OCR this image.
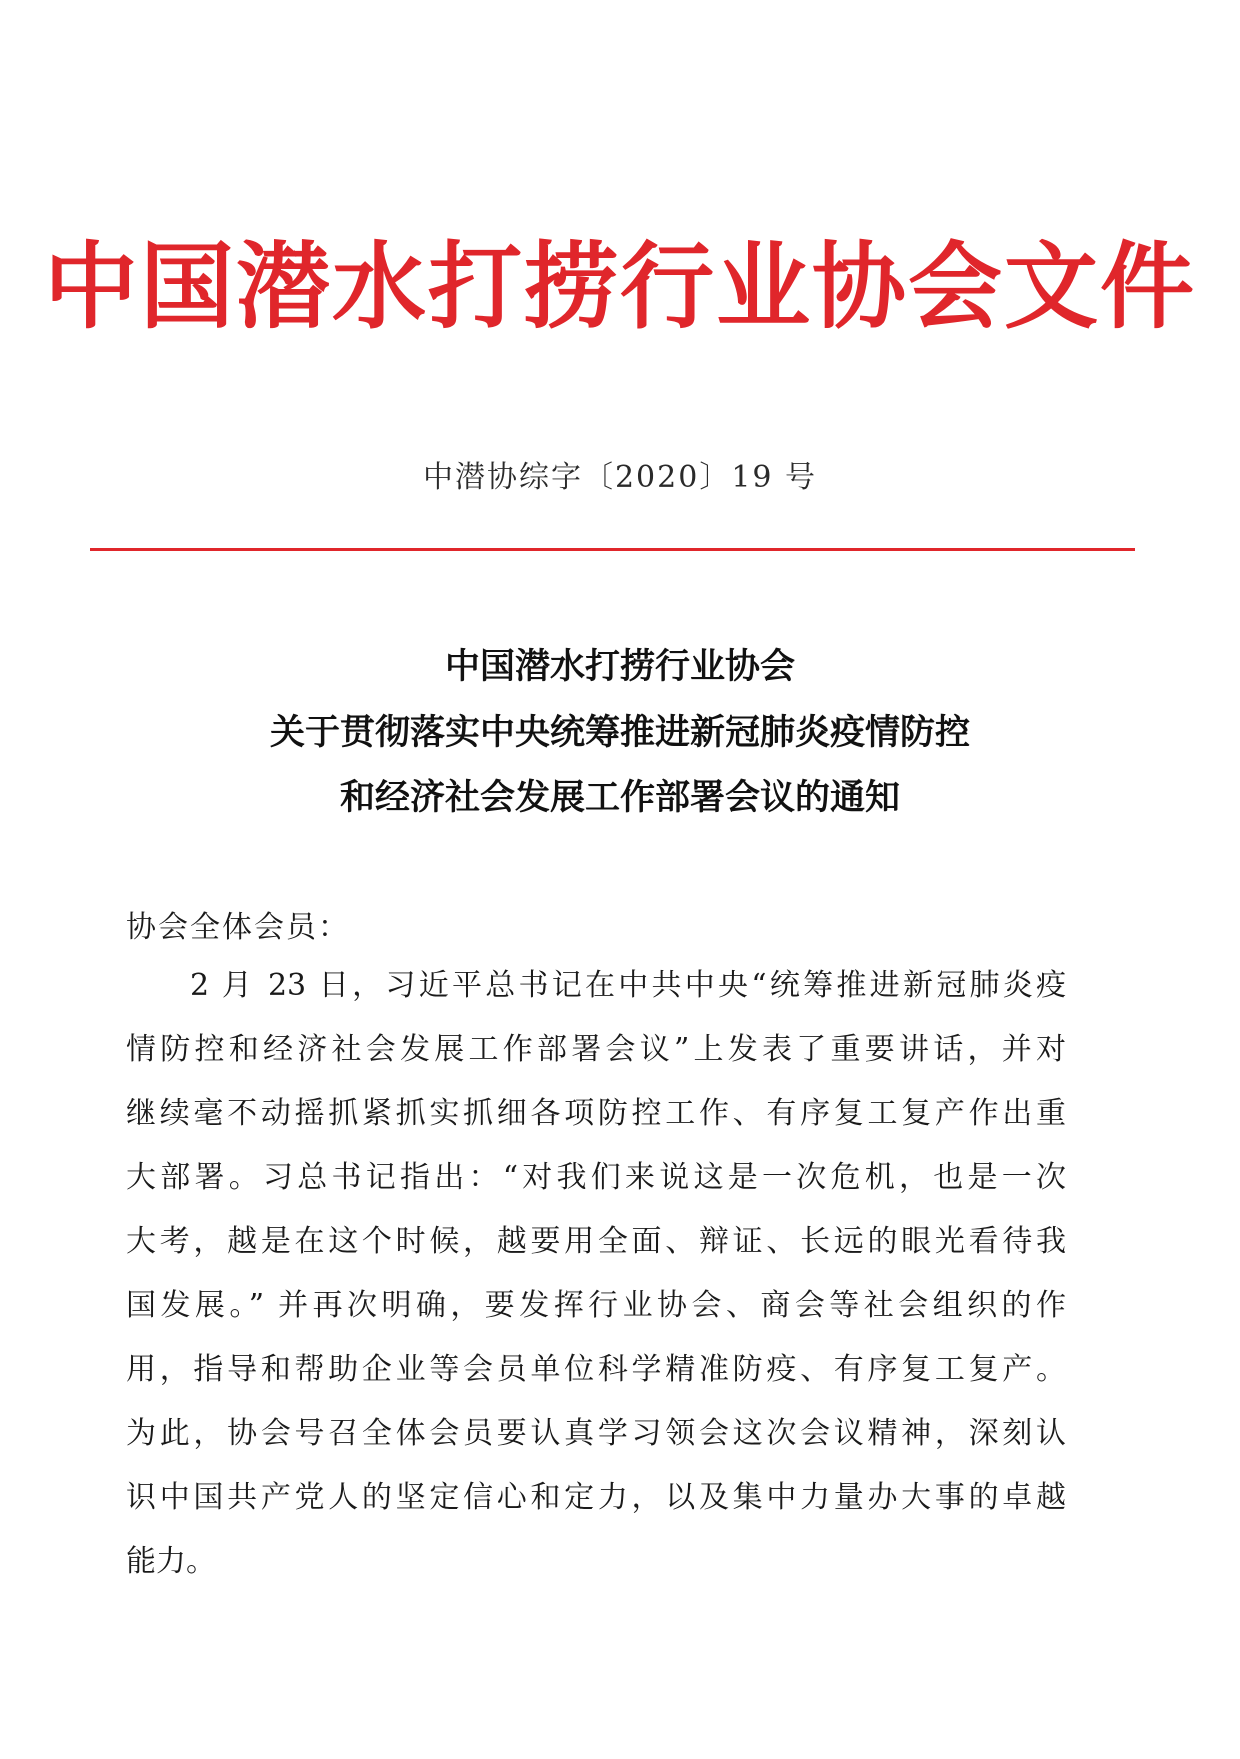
中国潜水打捞行业协会文件
中潜协综字〔2020〕19 号
中国潜水打捞行业协会
关于贯彻落实中央统筹推进新冠肺炎疫情防控
和经济社会发展工作部署会议的通知
协会全体会员：
2 月 23 日，习近平总书记在中共中央“统筹推进新冠肺炎疫
情防控和经济社会发展工作部署会议”上发表了重要讲话，并对
继续毫不动摇抓紧抓实抓细各项防控工作、有序复工复产作出重
大部署。习总书记指出：“对我们来说这是一次危机，也是一次
大考，越是在这个时候，越要用全面、辩证、长远的眼光看待我
国发展。” 并再次明确，要发挥行业协会、商会等社会组织的作
用，指导和帮助企业等会员单位科学精准防疫、有序复工复产。
为此，协会号召全体会员要认真学习领会这次会议精神，深刻认
识中国共产党人的坚定信心和定力，以及集中力量办大事的卓越
能力。
